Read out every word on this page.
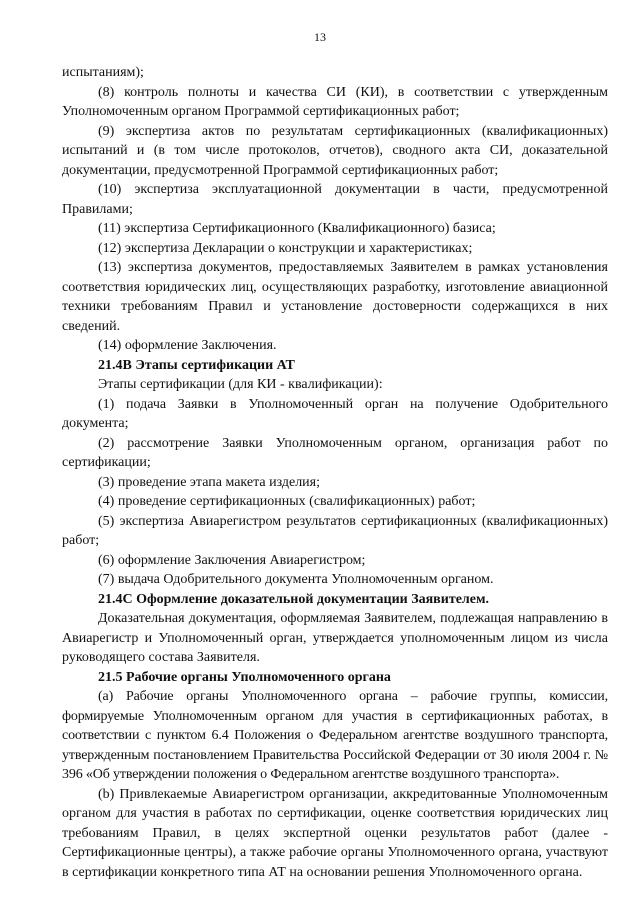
13

испытаниям);

(8) контроль полноты и качества СИ (КИ), в соответствии с утвержденным Уполномоченным органом Программой сертификационных работ;

(9) экспертиза актов по результатам сертификационных (квалификационных) испытаний и (в том числе протоколов, отчетов), сводного акта СИ, доказательной документации, предусмотренной Программой сертификационных работ;

(10) экспертиза эксплуатационной документации в части, предусмотренной Правилами;

(11) экспертиза Сертификационного (Квалификационного) базиса;

(12) экспертиза Декларации о конструкции и характеристиках;

(13) экспертиза документов, предоставляемых Заявителем в рамках установления соответствия юридических лиц, осуществляющих разработку, изготовление авиационной техники требованиям Правил и установление достоверности содержащихся в них сведений.

(14) оформление Заключения.

21.4В Этапы сертификации АТ

Этапы сертификации (для КИ - квалификации):

(1) подача Заявки в Уполномоченный орган на получение Одобрительного документа;

(2) рассмотрение Заявки Уполномоченным органом, организация работ по сертификации;

(3) проведение этапа макета изделия;

(4) проведение сертификационных (свалификационных) работ;

(5) экспертиза Авиарегистром результатов сертификационных (квалификационных) работ;

(6) оформление Заключения Авиарегистром;

(7) выдача Одобрительного документа Уполномоченным органом.

21.4С Оформление доказательной документации Заявителем.

Доказательная документация, оформляемая Заявителем, подлежащая направлению в Авиарегистр и Уполномоченный орган, утверждается уполномоченным лицом из числа руководящего состава Заявителя.

21.5 Рабочие органы Уполномоченного органа

(а) Рабочие органы Уполномоченного органа – рабочие группы, комиссии, формируемые Уполномоченным органом для участия в сертификационных работах, в соответствии с пунктом 6.4 Положения о Федеральном агентстве воздушного транспорта, утвержденным постановлением Правительства Российской Федерации от 30 июля 2004 г. № 396 «Об утверждении положения о Федеральном агентстве воздушного транспорта».

(b) Привлекаемые Авиарегистром организации, аккредитованные Уполномоченным органом для участия в работах по сертификации, оценке соответствия юридических лиц требованиям Правил, в целях экспертной оценки результатов работ (далее - Сертификационные центры), а также рабочие органы Уполномоченного органа, участвуют в сертификации конкретного типа АТ на основании решения Уполномоченного органа.
